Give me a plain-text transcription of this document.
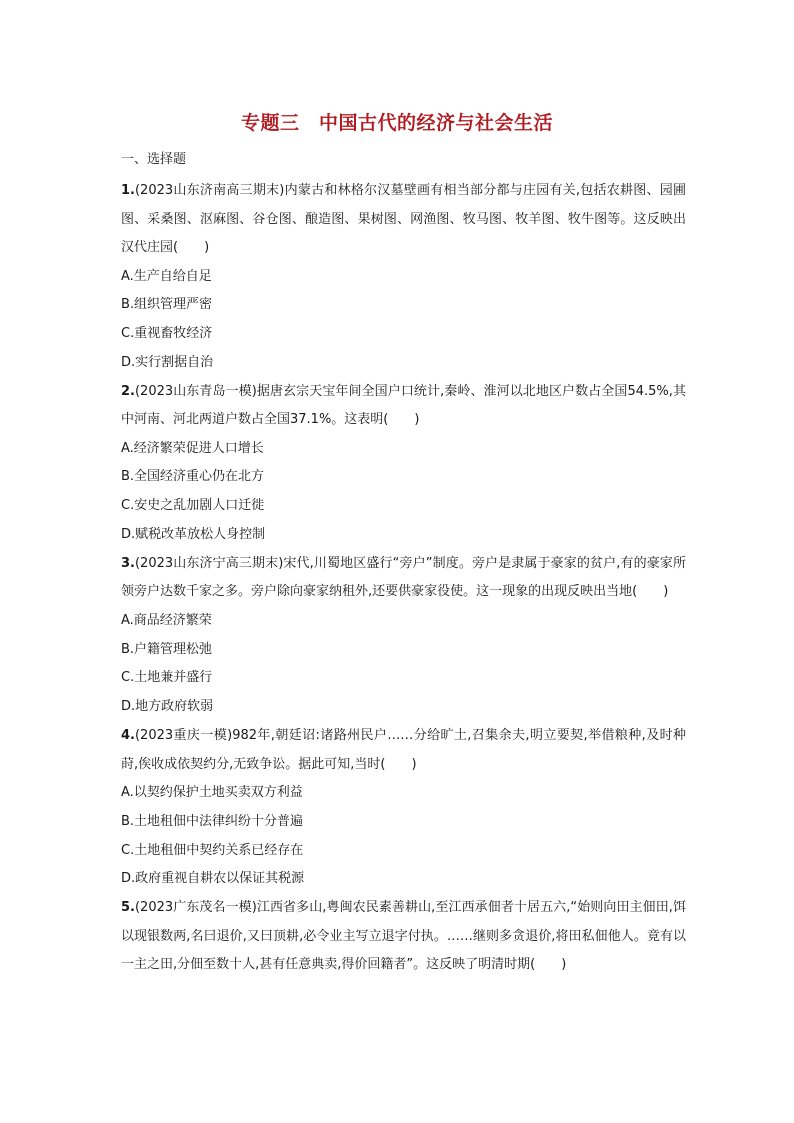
专题三　中国古代的经济与社会生活
一、选择题

1.(2023山东济南高三期末)内蒙古和林格尔汉墓壁画有相当部分都与庄园有关,包括农耕图、园圃图、采桑图、沤麻图、谷仓图、酿造图、果树图、网渔图、牧马图、牧羊图、牧牛图等。这反映出汉代庄园(　　)

A.生产自给自足

B.组织管理严密

C.重视畜牧经济

D.实行割据自治

2.(2023山东青岛一模)据唐玄宗天宝年间全国户口统计,秦岭、淮河以北地区户数占全国54.5%,其中河南、河北两道户数占全国37.1%。这表明(　　)

A.经济繁荣促进人口增长

B.全国经济重心仍在北方

C.安史之乱加剧人口迁徙

D.赋税改革放松人身控制

3.(2023山东济宁高三期末)宋代,川蜀地区盛行“旁户”制度。旁户是隶属于豪家的贫户,有的豪家所领旁户达数千家之多。旁户除向豪家纳租外,还要供豪家役使。这一现象的出现反映出当地(　　)

A.商品经济繁荣

B.户籍管理松弛

C.土地兼并盛行

D.地方政府软弱

4.(2023重庆一模)982年,朝廷诏:诸路州民户……分给旷土,召集余夫,明立要契,举借粮种,及时种莳,俟收成依契约分,无致争讼。据此可知,当时(　　)

A.以契约保护土地买卖双方利益

B.土地租佃中法律纠纷十分普遍

C.土地租佃中契约关系已经存在

D.政府重视自耕农以保证其税源

5.(2023广东茂名一模)江西省多山,粤闽农民素善耕山,至江西承佃者十居五六,“始则向田主佃田,饵以现银数两,名曰退价,又曰顶耕,必令业主写立退字付执。……继则多贪退价,将田私佃他人。竟有以一主之田,分佃至数十人,甚有任意典卖,得价回籍者”。这反映了明清时期(　　)
